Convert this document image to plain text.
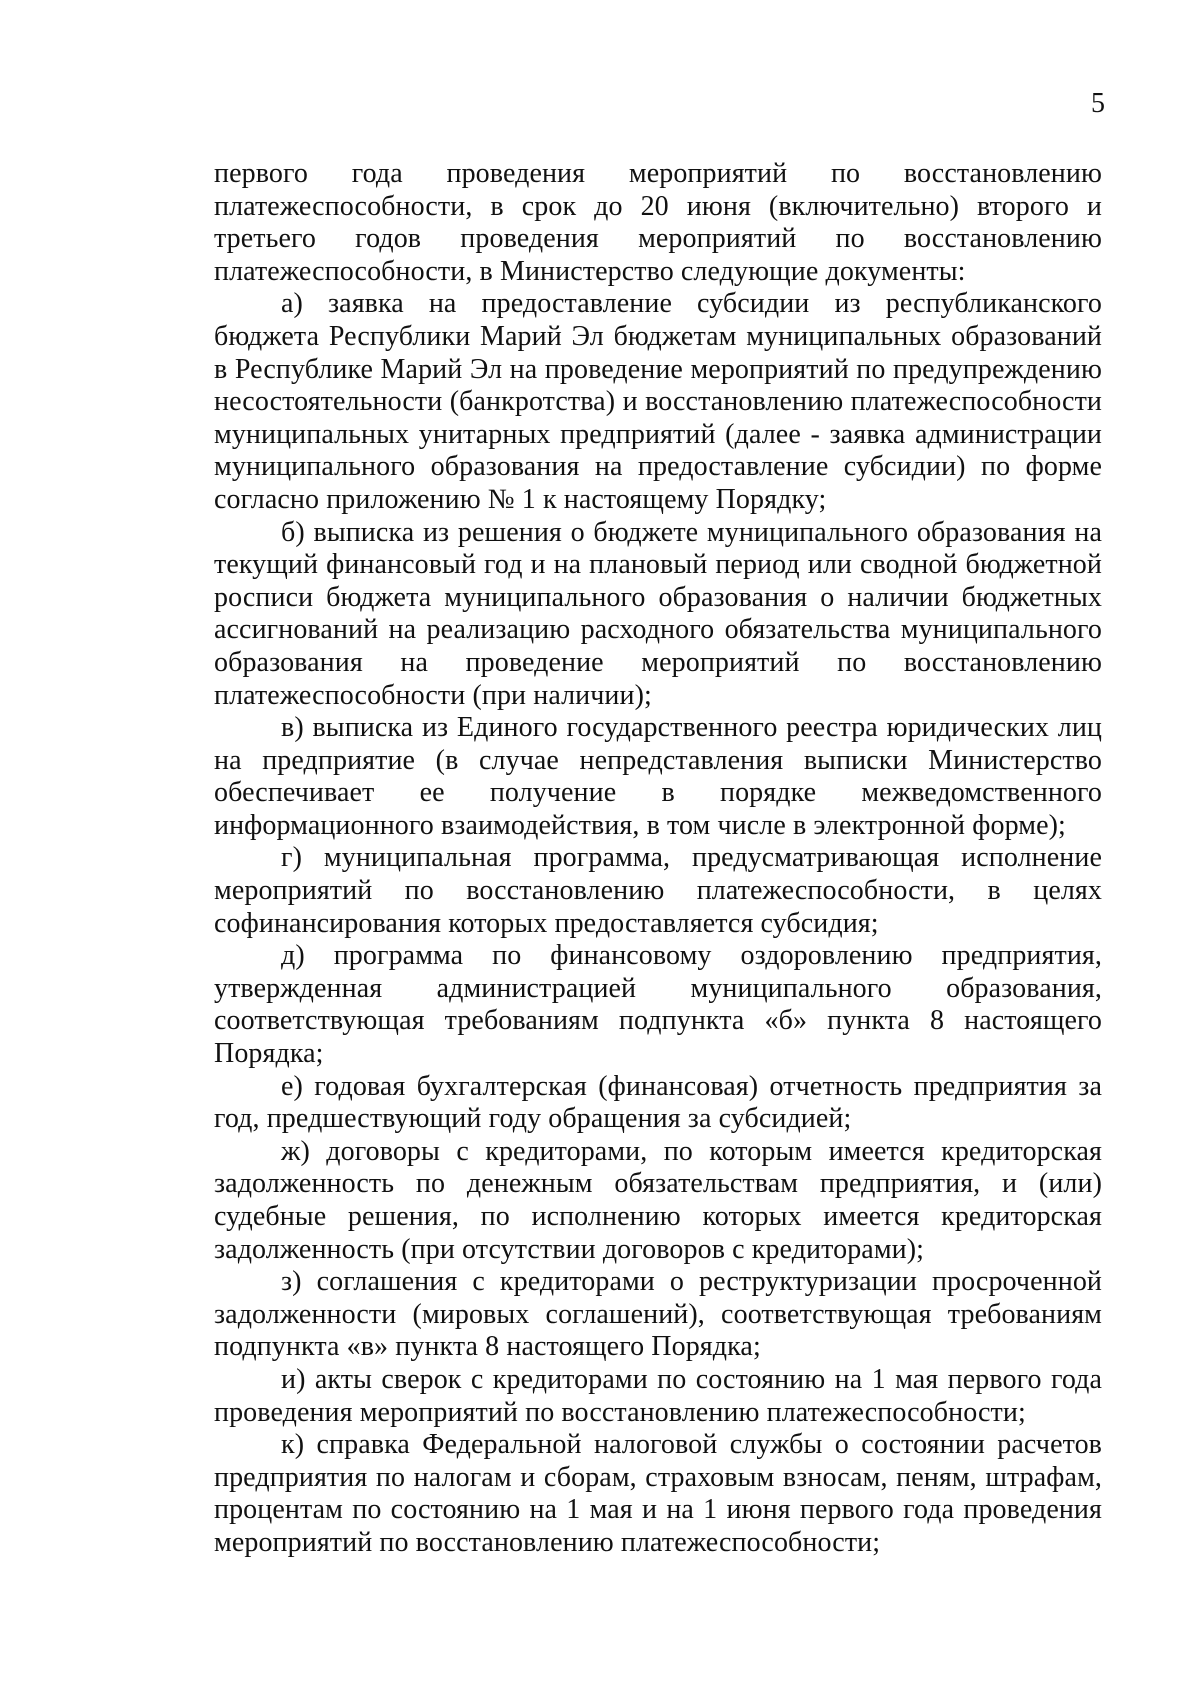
5

первого года проведения мероприятий по восстановлению платежеспособности, в срок до 20 июня (включительно) второго и третьего годов проведения мероприятий по восстановлению платежеспособности, в Министерство следующие документы:

а) заявка на предоставление субсидии из республиканского бюджета Республики Марий Эл бюджетам муниципальных образований в Республике Марий Эл на проведение мероприятий по предупреждению несостоятельности (банкротства) и восстановлению платежеспособности муниципальных унитарных предприятий (далее - заявка администрации муниципального образования на предоставление субсидии) по форме согласно приложению № 1 к настоящему Порядку;

б) выписка из решения о бюджете муниципального образования на текущий финансовый год и на плановый период или сводной бюджетной росписи бюджета муниципального образования о наличии бюджетных ассигнований на реализацию расходного обязательства муниципального образования на проведение мероприятий по восстановлению платежеспособности (при наличии);

в) выписка из Единого государственного реестра юридических лиц на предприятие (в случае непредставления выписки Министерство обеспечивает ее получение в порядке межведомственного информационного взаимодействия, в том числе в электронной форме);

г) муниципальная программа, предусматривающая исполнение мероприятий по восстановлению платежеспособности, в целях софинансирования которых предоставляется субсидия;

д) программа по финансовому оздоровлению предприятия, утвержденная администрацией муниципального образования, соответствующая требованиям подпункта «б» пункта 8 настоящего Порядка;

е) годовая бухгалтерская (финансовая) отчетность предприятия за год, предшествующий году обращения за субсидией;

ж) договоры с кредиторами, по которым имеется кредиторская задолженность по денежным обязательствам предприятия, и (или) судебные решения, по исполнению которых имеется кредиторская задолженность (при отсутствии договоров с кредиторами);

з) соглашения с кредиторами о реструктуризации просроченной задолженности (мировых соглашений), соответствующая требованиям подпункта «в» пункта 8 настоящего Порядка;

и) акты сверок с кредиторами по состоянию на 1 мая первого года проведения мероприятий по восстановлению платежеспособности;

к) справка Федеральной налоговой службы о состоянии расчетов предприятия по налогам и сборам, страховым взносам, пеням, штрафам, процентам по состоянию на 1 мая и на 1 июня первого года проведения мероприятий по восстановлению платежеспособности;
